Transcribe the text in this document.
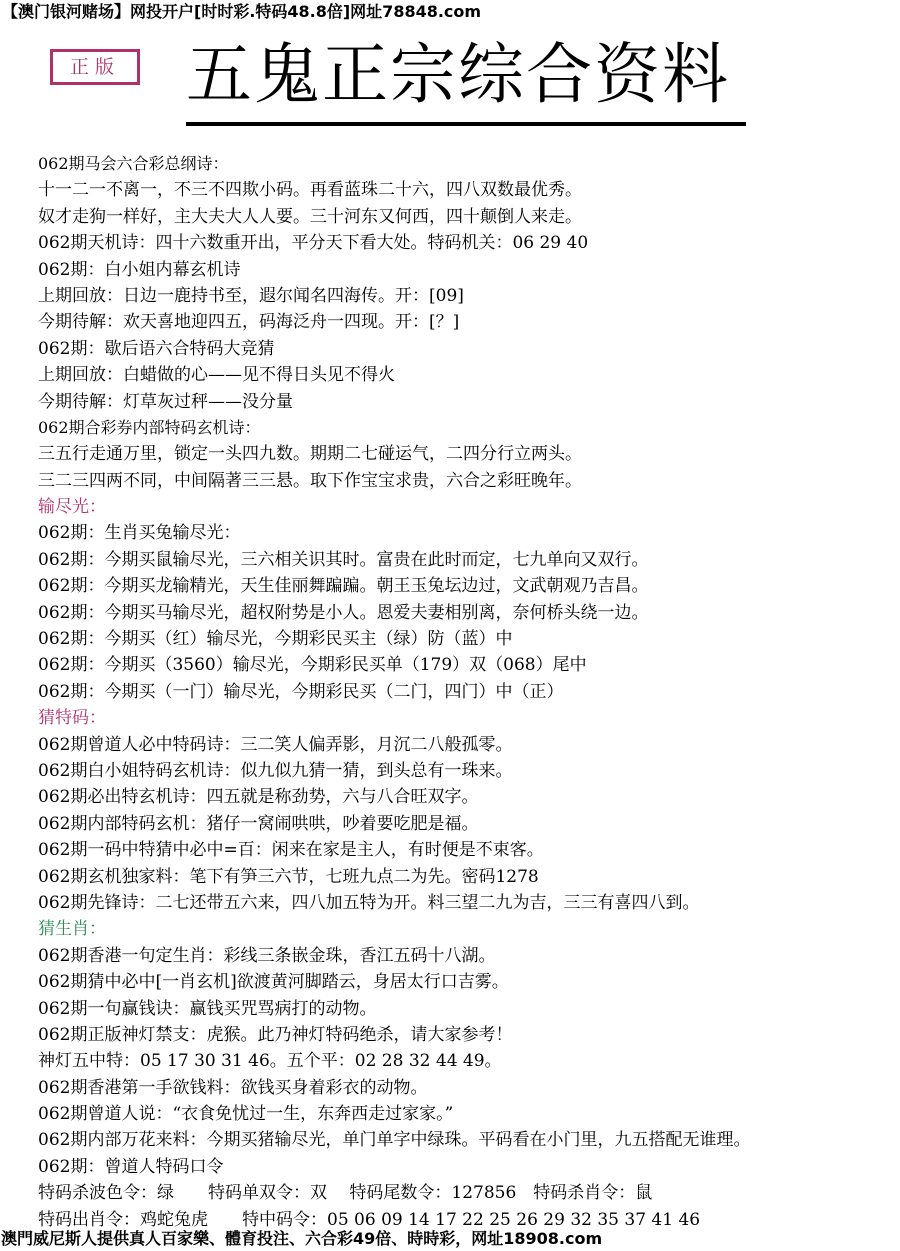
【澳门银河赌场】网投开户[时时彩.特码48.8倍]网址78848.com
正版	五鬼正宗综合资料
062期马会六合彩总纲诗：
十一二一不离一，不三不四欺小码。再看蓝珠二十六，四八双数最优秀。
奴才走狗一样好，主大夫大人人要。三十河东又何西，四十颠倒人来走。
062期天机诗：四十六数重开出，平分天下看大处。特码机关：06 29 40
062期：白小姐内幕玄机诗
上期回放：日边一鹿持书至，遐尔闻名四海传。开：[09]
今期待解：欢天喜地迎四五，码海泛舟一四现。开：[？]
062期：歇后语六合特码大竞猜
上期回放：白蜡做的心——见不得日头见不得火
今期待解：灯草灰过秤——没分量
062期合彩券内部特码玄机诗：
三五行走通万里，锁定一头四九数。期期二七碰运气，二四分行立两头。
三二三四两不同，中间隔著三三悬。取下作宝宝求贵，六合之彩旺晚年。
输尽光：
062期：生肖买兔输尽光：
062期：今期买鼠输尽光，三六相关识其时。富贵在此时而定，七九单向又双行。
062期：今期买龙输精光，天生佳丽舞蹁蹁。朝王玉兔坛边过，文武朝观乃吉昌。
062期：今期买马输尽光，超权附势是小人。恩爱夫妻相别离，奈何桥头绕一边。
062期：今期买（红）输尽光，今期彩民买主（绿）防（蓝）中
062期：今期买（3560）输尽光，今期彩民买单（179）双（068）尾中
062期：今期买（一门）输尽光，今期彩民买（二门，四门）中（正）
猜特码：
062期曾道人必中特码诗：三二笑人偏弄影，月沉二八般孤零。
062期白小姐特码玄机诗：似九似九猜一猜，到头总有一珠来。
062期必出特玄机诗：四五就是称劲势，六与八合旺双字。
062期内部特码玄机：猪仔一窝闹哄哄，吵着要吃肥是福。
062期一码中特猜中必中=百：闲来在家是主人，有时便是不束客。
062期玄机独家料：笔下有笋三六节，七班九点二为先。密码1278
062期先锋诗：二七还带五六来，四八加五特为开。料三望二九为吉，三三有喜四八到。
猜生肖：
062期香港一句定生肖：彩线三条嵌金珠，香江五码十八湖。
062期猜中必中[一肖玄机]欲渡黄河脚踏云，身居太行口吉雾。
062期一句赢钱诀：赢钱买咒骂病打的动物。
062期正版神灯禁支：虎猴。此乃神灯特码绝杀，请大家参考！
神灯五中特：05 17 30 31 46。五个平：02 28 32 44 49。
062期香港第一手欲钱料：欲钱买身着彩衣的动物。
062期曾道人说：“衣食免忧过一生，东奔西走过家家。”
062期内部万花来料：今期买猪输尽光，单门单字中绿珠。平码看在小门里，九五搭配无谁理。
062期：曾道人特码口令
特码杀波色令：绿　　特码单双令：双　 特码尾数令：127856　特码杀肖令：鼠
特码出肖令：鸡蛇兔虎　　特中码令：05 06 09 14 17 22 25 26 29 32 35 37 41 46
澳門威尼斯人提供真人百家樂、體育投注、六合彩49倍、時時彩，网址18908.com
